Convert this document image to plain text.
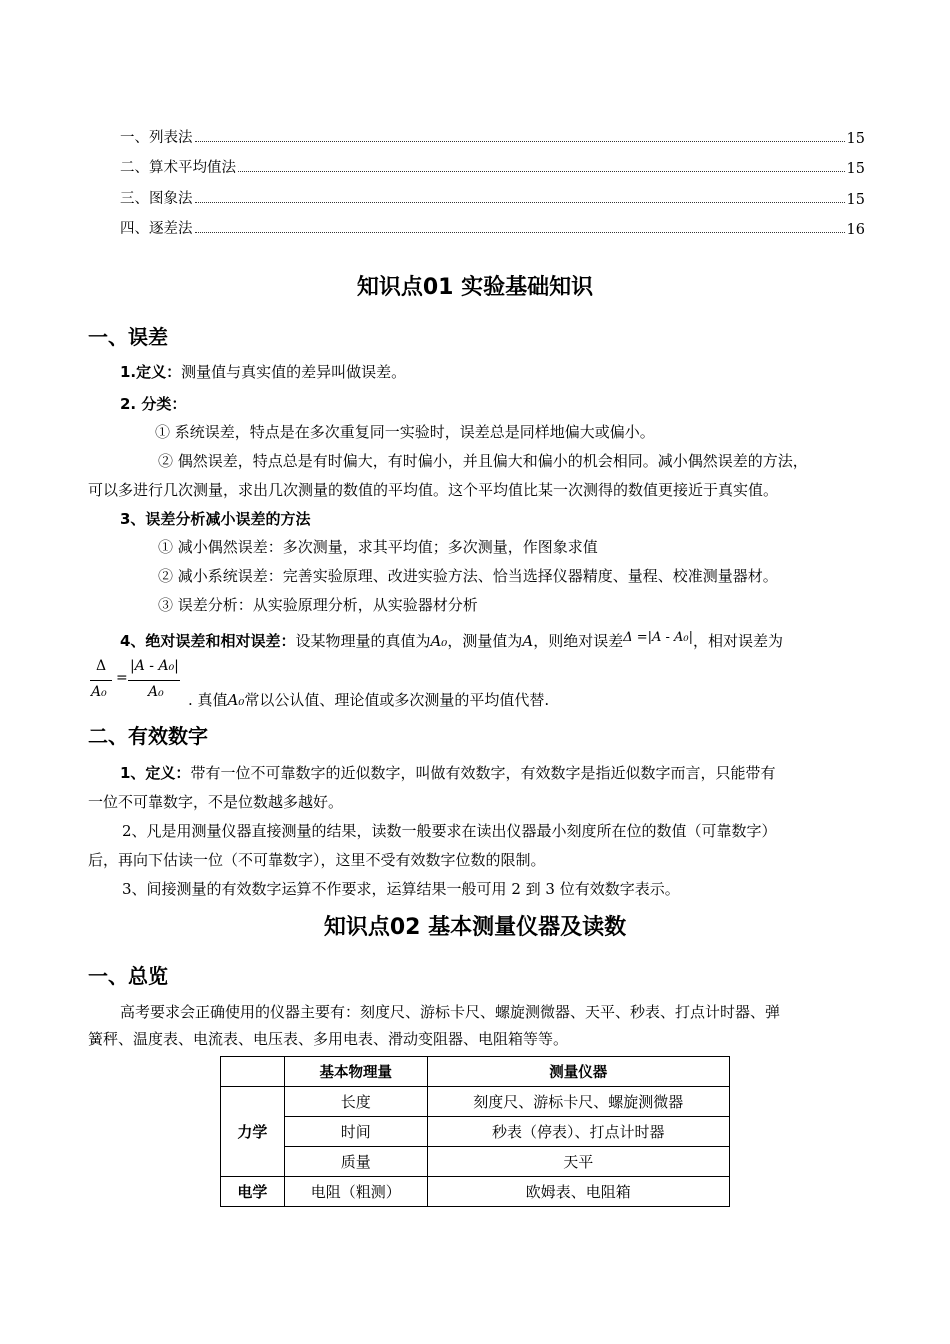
一、列表法	15
二、算术平均值法	15
三、图象法	15
四、逐差法	16
知识点01 实验基础知识
一、误差
1.定义：测量值与真实值的差异叫做误差。
2. 分类：
① 系统误差，特点是在多次重复同一实验时，误差总是同样地偏大或偏小。
② 偶然误差，特点总是有时偏大，有时偏小，并且偏大和偏小的机会相同。减小偶然误差的方法，
可以多进行几次测量，求出几次测量的数值的平均值。这个平均值比某一次测得的数值更接近于真实值。
3、误差分析减小误差的方法
① 减小偶然误差：多次测量，求其平均值；多次测量，作图象求值
② 减小系统误差：完善实验原理、改进实验方法、恰当选择仪器精度、量程、校准测量器材。
③ 误差分析：从实验原理分析，从实验器材分析
4、绝对误差和相对误差：设某物理量的真值为A₀，测量值为A，则绝对误差Δ =|A - A₀|，相对误差为
Δ
A₀
=
|A - A₀|
A₀ . 真值A₀常以公认值、理论值或多次测量的平均值代替.
二、有效数字
1、定义：带有一位不可靠数字的近似数字，叫做有效数字，有效数字是指近似数字而言，只能带有
一位不可靠数字，不是位数越多越好。
2、凡是用测量仪器直接测量的结果，读数一般要求在读出仪器最小刻度所在位的数值（可靠数字）
后，再向下估读一位（不可靠数字），这里不受有效数字位数的限制。
3、间接测量的有效数字运算不作要求，运算结果一般可用 2 到 3 位有效数字表示。
知识点02 基本测量仪器及读数
一、总览
高考要求会正确使用的仪器主要有：刻度尺、游标卡尺、螺旋测微器、天平、秒表、打点计时器、弹
簧秤、温度表、电流表、电压表、多用电表、滑动变阻器、电阻箱等等。
	基本物理量	测量仪器
力学	长度	刻度尺、游标卡尺、螺旋测微器
	时间	秒表（停表）、打点计时器
	质量	天平
电学	电阻（粗测）	欧姆表、电阻箱
